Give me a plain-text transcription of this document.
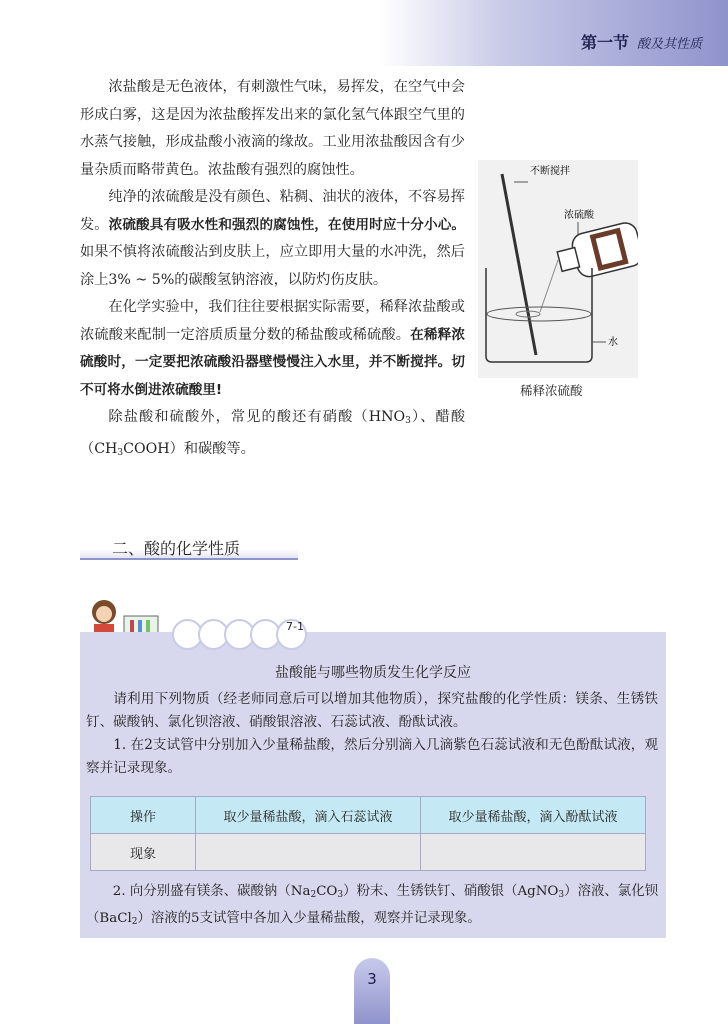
第一节 酸及其性质

浓盐酸是无色液体，有刺激性气味，易挥发，在空气中会形成白雾，这是因为浓盐酸挥发出来的氯化氢气体跟空气里的水蒸气接触，形成盐酸小液滴的缘故。工业用浓盐酸因含有少量杂质而略带黄色。浓盐酸有强烈的腐蚀性。

纯净的浓硫酸是没有颜色、粘稠、油状的液体，不容易挥发。浓硫酸具有吸水性和强烈的腐蚀性，在使用时应十分小心。如果不慎将浓硫酸沾到皮肤上，应立即用大量的水冲洗，然后涂上3% ~ 5%的碳酸氢钠溶液，以防灼伤皮肤。

在化学实验中，我们往往要根据实际需要，稀释浓盐酸或浓硫酸来配制一定溶质质量分数的稀盐酸或稀硫酸。在稀释浓硫酸时，一定要把浓硫酸沿器壁慢慢注入水里，并不断搅拌。切不可将水倒进浓硫酸里!

除盐酸和硫酸外，常见的酸还有硝酸$(HNO_3)$、醋酸$(CH_3COOH)$和碳酸等。

不断搅拌
浓硫酸
水
稀释浓硫酸
二、酸的化学性质
7-1
盐酸能与哪些物质发生化学反应

请利用下列物质（经老师同意后可以增加其他物质），探究盐酸的化学性质：镁条、生锈铁钉、碳酸钠、氯化钡溶液、硝酸银溶液、石蕊试液、酚酞试液。

1. 在2支试管中分别加入少量稀盐酸，然后分别滴入几滴紫色石蕊试液和无色酚酞试液，观察并记录现象。

操作	取少量稀盐酸，滴入石蕊试液	取少量稀盐酸，滴入酚酞试液
现象		

2. 向分别盛有镁条、碳酸钠$(Na_2CO_3)$粉末、生锈铁钉、硝酸银（AgNO$_3$）溶液、氯化钡（BaCl$_2$）溶液的5支试管中各加入少量稀盐酸，观察并记录现象。

3
